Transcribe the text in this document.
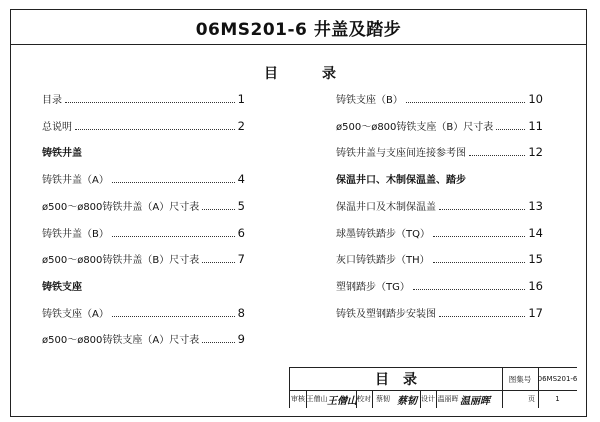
06MS201-6 井盖及踏步
目录
目录	1
总说明	2
铸铁井盖
铸铁井盖（A）	4
ø500～ø800铸铁井盖（A）尺寸表	5
铸铁井盖（B）	6
ø500～ø800铸铁井盖（B）尺寸表	7
铸铁支座
铸铁支座（A）	8
ø500～ø800铸铁支座（A）尺寸表	9
铸铁支座（B）	10
ø500～ø800铸铁支座（B）尺寸表	11
铸铁井盖与支座间连接参考图	12
保温井口、木制保温盖、踏步
保温井口及木制保温盖	13
球墨铸铁踏步（TQ）	14
灰口铸铁踏步（TH）	15
塑钢踏步（TG）	16
铸铁及塑钢踏步安装图	17
目录	图集号 06MS201-6
审核 王僧山 王僧山 校对 蔡韧 蔡韧 设计 温丽晖 温丽晖	页	1
